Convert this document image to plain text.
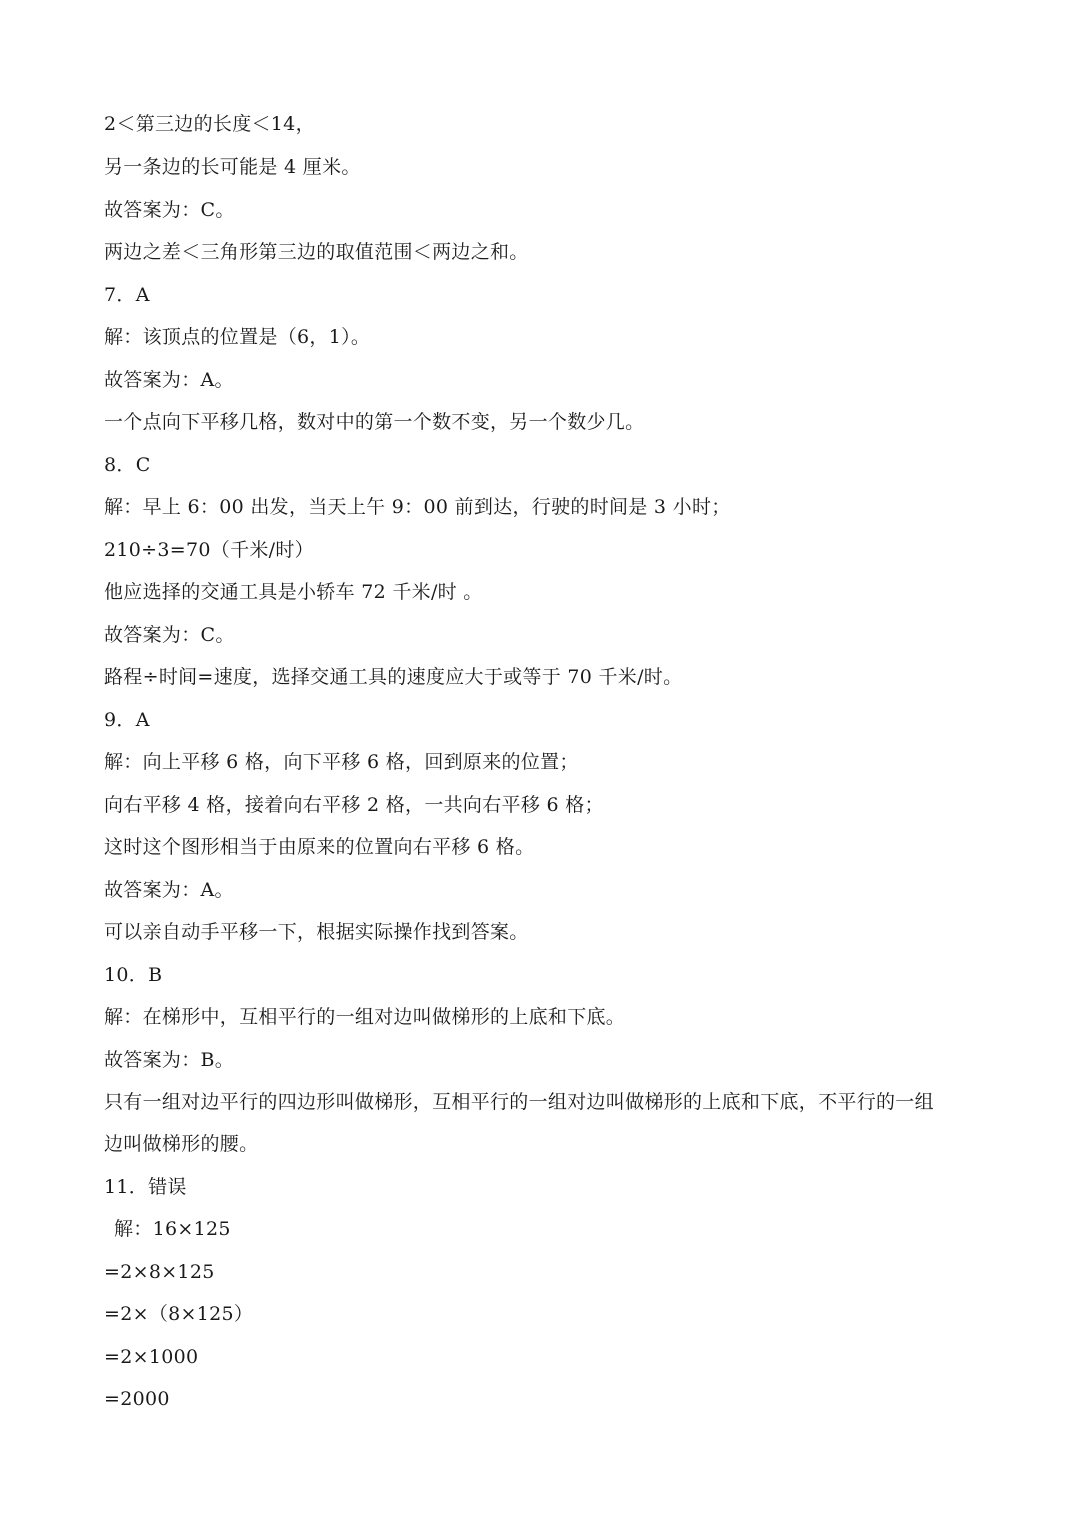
2＜第三边的长度＜14，
另一条边的长可能是 4 厘米。
故答案为：C。
两边之差＜三角形第三边的取值范围＜两边之和。
7．A
解：该顶点的位置是（6，1）。
故答案为：A。
一个点向下平移几格，数对中的第一个数不变，另一个数少几。
8．C
解：早上 6：00 出发，当天上午 9：00 前到达，行驶的时间是 3 小时；
210÷3=70（千米/时）
他应选择的交通工具是小轿车 72 千米/时 。
故答案为：C。
路程÷时间=速度，选择交通工具的速度应大于或等于 70 千米/时。
9．A
解：向上平移 6 格，向下平移 6 格，回到原来的位置；
向右平移 4 格，接着向右平移 2 格，一共向右平移 6 格；
这时这个图形相当于由原来的位置向右平移 6 格。
故答案为：A。
可以亲自动手平移一下，根据实际操作找到答案。
10．B
解：在梯形中，互相平行的一组对边叫做梯形的上底和下底。
故答案为：B。
只有一组对边平行的四边形叫做梯形，互相平行的一组对边叫做梯形的上底和下底，不平行的一组
边叫做梯形的腰。
11．错误
解：16×125
=2×8×125
=2×（8×125）
=2×1000
=2000
